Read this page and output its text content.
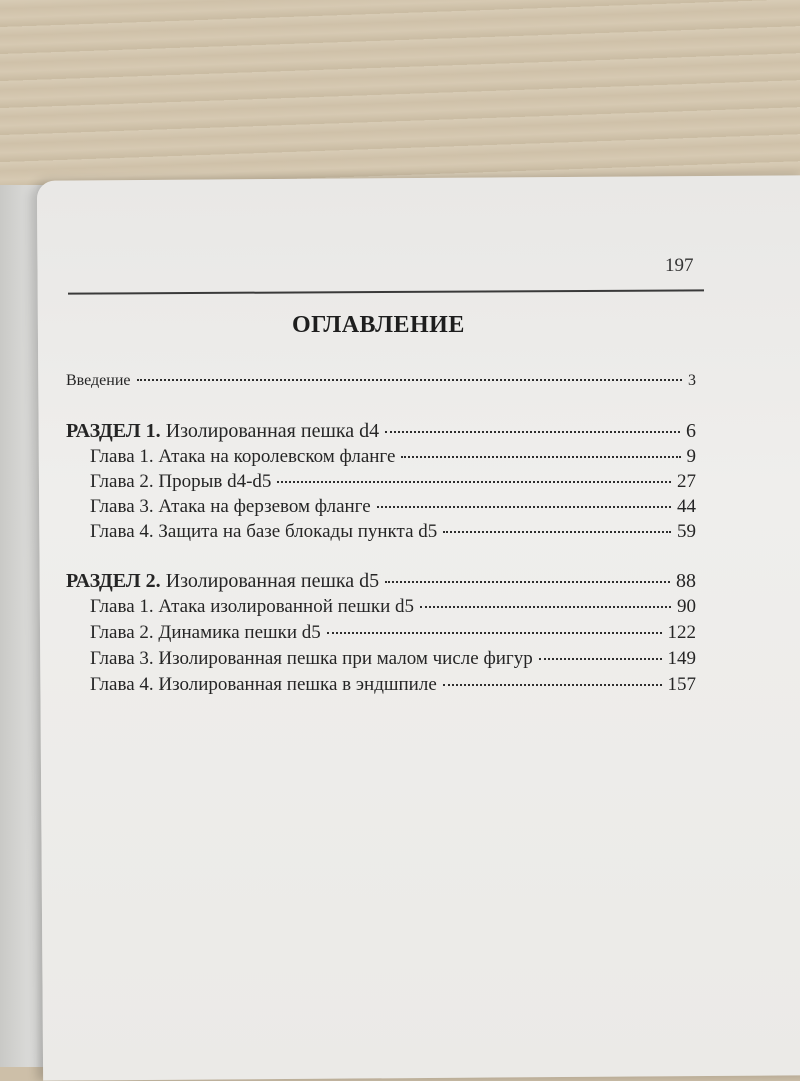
197
ОГЛАВЛЕНИЕ
Введение	3
РАЗДЕЛ 1. Изолированная пешка d4	6
Глава 1. Атака на королевском фланге	9
Глава 2. Прорыв d4-d5	27
Глава 3. Атака на ферзевом фланге	44
Глава 4. Защита на базе блокады пункта d5	59
РАЗДЕЛ 2. Изолированная пешка d5	88
Глава 1. Атака изолированной пешки d5	90
Глава 2. Динамика пешки d5	122
Глава 3. Изолированная пешка при малом числе фигур	149
Глава 4. Изолированная пешка в эндшпиле	157
